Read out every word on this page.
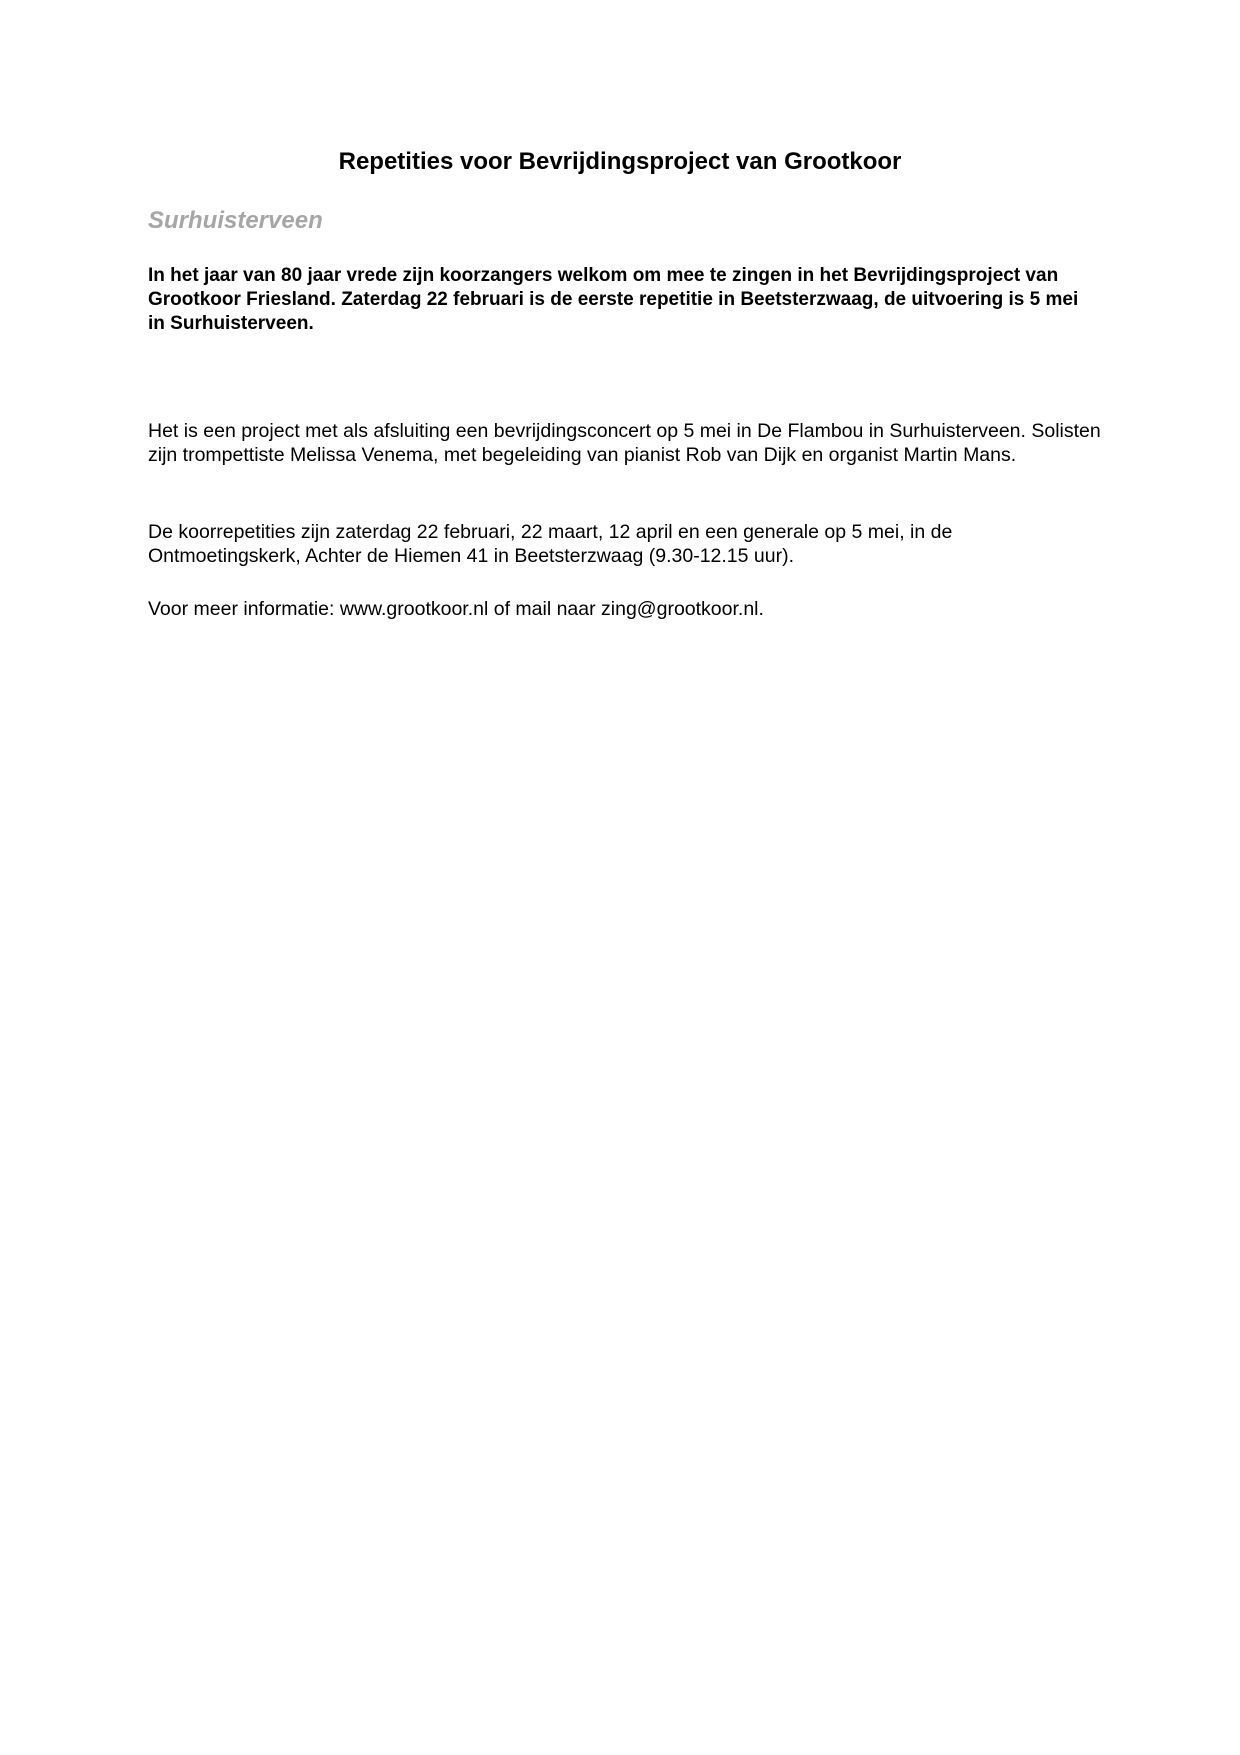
Repetities voor Bevrijdingsproject van Grootkoor
Surhuisterveen

In het jaar van 80 jaar vrede zijn koorzangers welkom om mee te zingen in het Bevrijdingsproject van Grootkoor Friesland. Zaterdag 22 februari is de eerste repetitie in Beetsterzwaag, de uitvoering is 5 mei in Surhuisterveen.

Het is een project met als afsluiting een bevrijdingsconcert op 5 mei in De Flambou in Surhuisterveen. Solisten zijn trompettiste Melissa Venema, met begeleiding van pianist Rob van Dijk en organist Martin Mans.

De koorrepetities zijn zaterdag 22 februari, 22 maart, 12 april en een generale op 5 mei, in de Ontmoetingskerk, Achter de Hiemen 41 in Beetsterzwaag (9.30-12.15 uur).

Voor meer informatie: www.grootkoor.nl of mail naar zing@grootkoor.nl.
